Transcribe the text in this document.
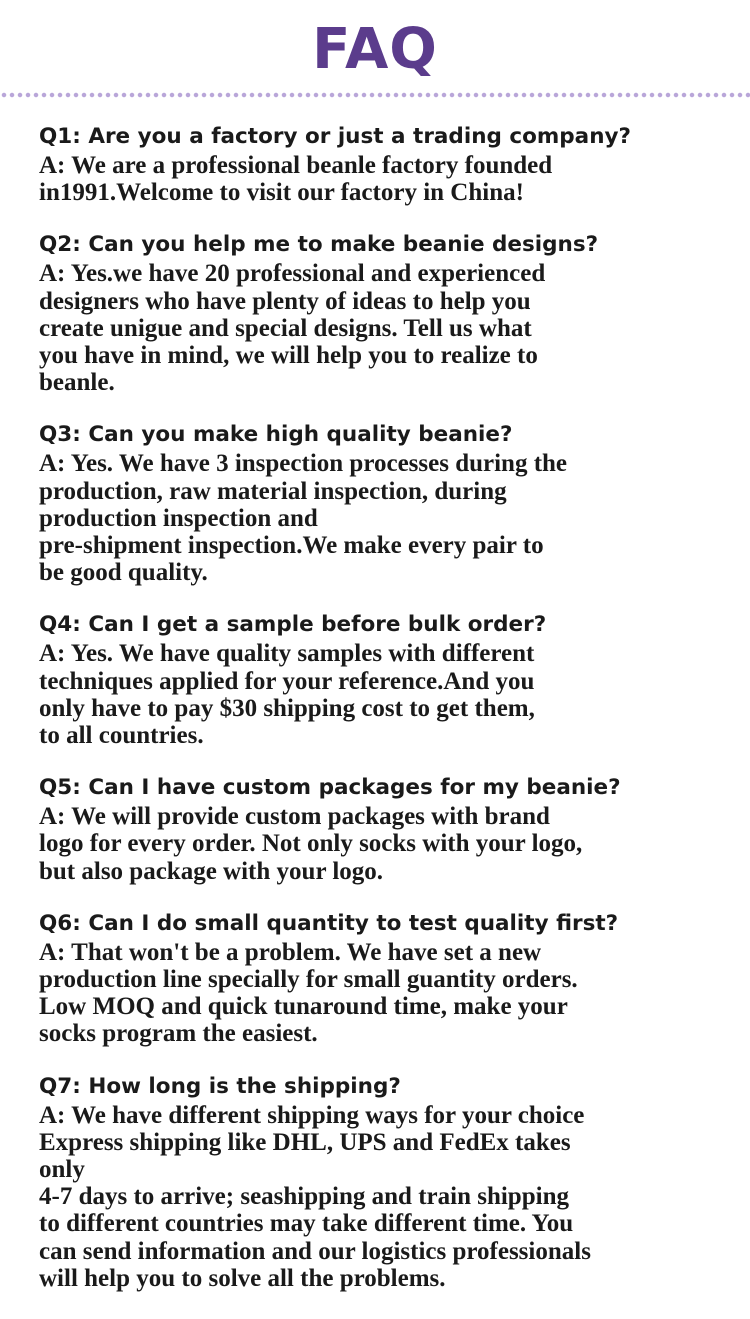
FAQ

Q1: Are you a factory or just a trading company?

A: We are a professional beanle factory founded
in1991.Welcome to visit our factory in China!

Q2: Can you help me to make beanie designs?

A: Yes.we have 20 professional and experienced
designers who have plenty of ideas to help you
create unigue and special designs. Tell us what
you have in mind, we will help you to realize to
beanle.

Q3: Can you make high quality beanie?

A: Yes. We have 3 inspection processes during the
production, raw material inspection, during
production inspection and
pre-shipment inspection.We make every pair to
be good quality.

Q4: Can I get a sample before bulk order?

A: Yes. We have quality samples with different
techniques applied for your reference.And you
only have to pay $30 shipping cost to get them,
to all countries.

Q5: Can I have custom packages for my beanie?

A: We will provide custom packages with brand
logo for every order. Not only socks with your logo,
but also package with your logo.

Q6: Can I do small quantity to test quality first?

A: That won't be a problem. We have set a new
production line specially for small guantity orders.
Low MOQ and quick tunaround time, make your
socks program the easiest.

Q7: How long is the shipping?

A: We have different shipping ways for your choice
Express shipping like DHL, UPS and FedEx takes
only
4-7 days to arrive; seashipping and train shipping
to different countries may take different time. You
can send information and our logistics professionals
will help you to solve all the problems.
